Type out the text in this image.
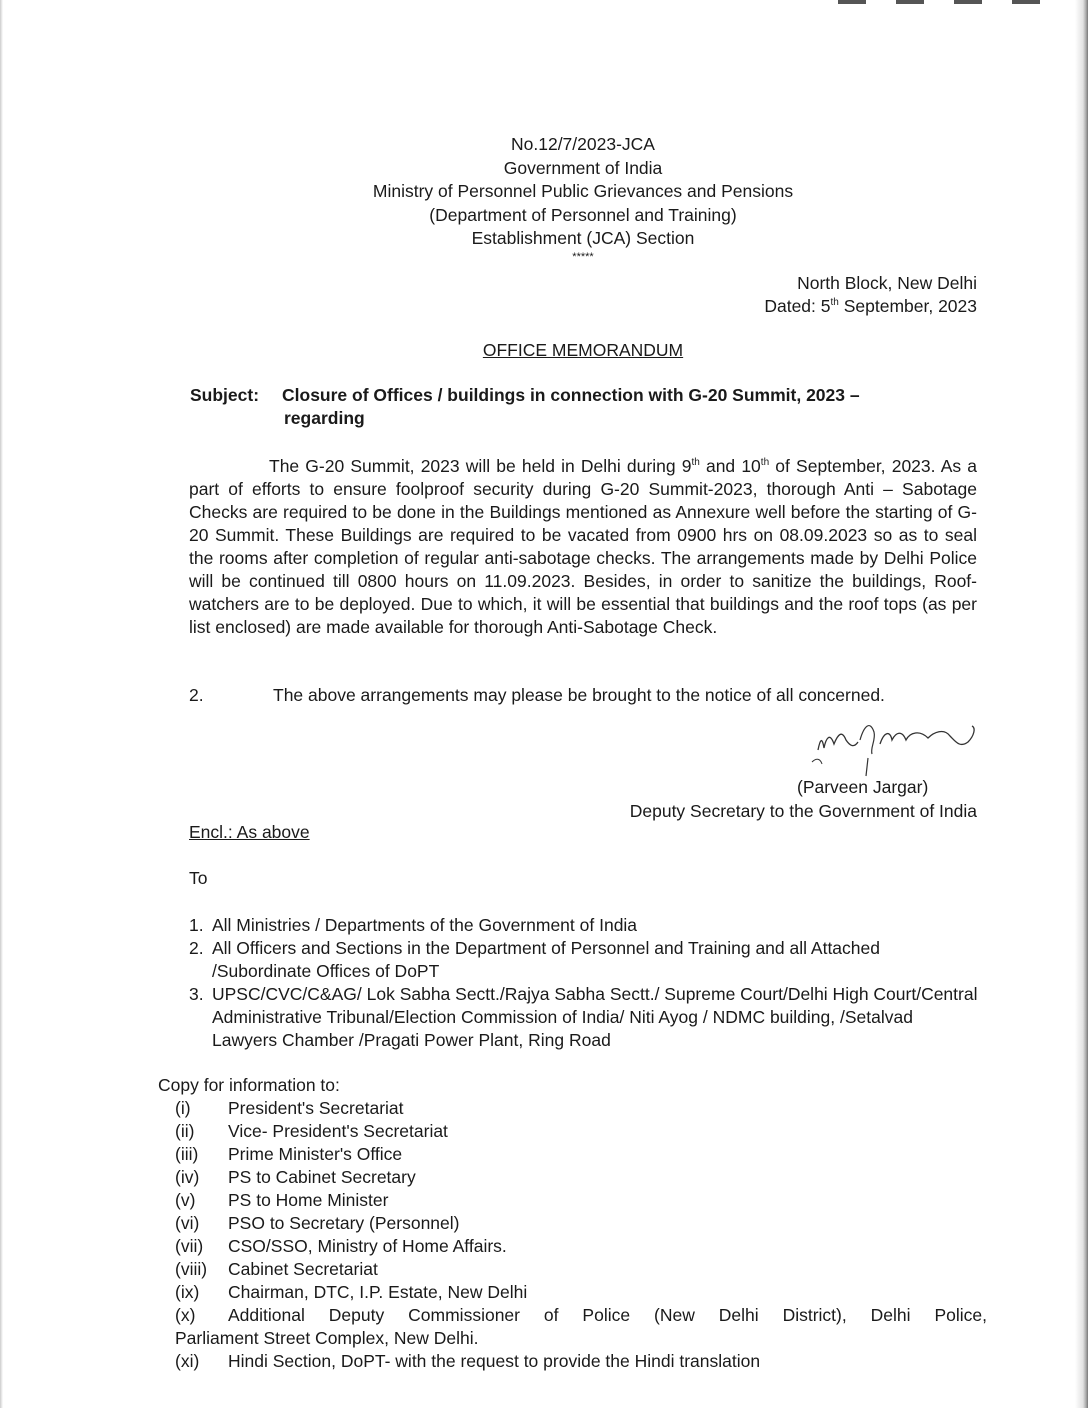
No.12/7/2023-JCA
Government of India
Ministry of Personnel Public Grievances and Pensions
(Department of Personnel and Training)
Establishment (JCA) Section
*****
North Block, New Delhi
Dated: 5th September, 2023
OFFICE MEMORANDUM
Subject:	Closure of Offices / buildings in connection with G-20 Summit, 2023 –
regarding
The G-20 Summit, 2023 will be held in Delhi during 9th and 10th of September, 2023. As a part of efforts to ensure foolproof security during G-20 Summit-2023, thorough Anti – Sabotage Checks are required to be done in the Buildings mentioned as Annexure well before the starting of G-20 Summit. These Buildings are required to be vacated from 0900 hrs on 08.09.2023 so as to seal the rooms after completion of regular anti-sabotage checks. The arrangements made by Delhi Police will be continued till 0800 hours on 11.09.2023. Besides, in order to sanitize the buildings, Roof-watchers are to be deployed. Due to which, it will be essential that buildings and the roof tops (as per list enclosed) are made available for thorough Anti-Sabotage Check.
2.	The above arrangements may please be brought to the notice of all concerned.
(Parveen Jargar)
Deputy Secretary to the Government of India
Encl.: As above
To
1. All Ministries / Departments of the Government of India
2. All Officers and Sections in the Department of Personnel and Training and all Attached /Subordinate Offices of DoPT
3. UPSC/CVC/C&AG/ Lok Sabha Sectt./Rajya Sabha Sectt./ Supreme Court/Delhi High Court/Central Administrative Tribunal/Election Commission of India/ Niti Ayog / NDMC building, /Setalvad Lawyers Chamber /Pragati Power Plant, Ring Road
Copy for information to:
(i)	President's Secretariat
(ii)	Vice- President's Secretariat
(iii)	Prime Minister's Office
(iv)	PS to Cabinet Secretary
(v)	PS to Home Minister
(vi)	PSO to Secretary (Personnel)
(vii)	CSO/SSO, Ministry of Home Affairs.
(viii)	Cabinet Secretariat
(ix)	Chairman, DTC, I.P. Estate, New Delhi
(x)	Additional Deputy Commissioner of Police (New Delhi District), Delhi Police,
Parliament Street Complex, New Delhi.
(xi)	Hindi Section, DoPT- with the request to provide the Hindi translation
